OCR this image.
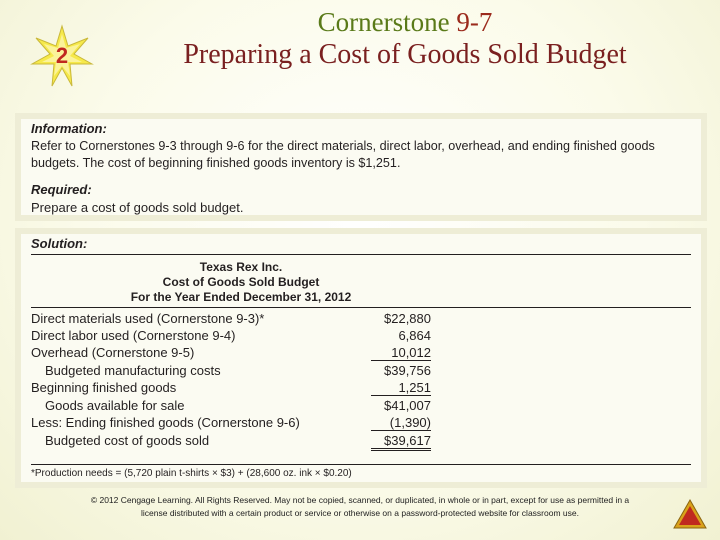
2
Cornerstone 9-7
Preparing a Cost of Goods Sold Budget
Information:
Refer to Cornerstones 9-3 through 9-6 for the direct materials, direct labor, overhead, and ending finished goods
budgets. The cost of beginning finished goods inventory is $1,251.
Required:
Prepare a cost of goods sold budget.
Solution:
Texas Rex Inc.
Cost of Goods Sold Budget
For the Year Ended December 31, 2012
Direct materials used (Cornerstone 9-3)*	$22,880
Direct labor used (Cornerstone 9-4)	6,864
Overhead (Cornerstone 9-5)	10,012
Budgeted manufacturing costs	$39,756
Beginning finished goods	1,251
Goods available for sale	$41,007
Less: Ending finished goods (Cornerstone 9-6)	(1,390)
Budgeted cost of goods sold	$39,617
*Production needs = (5,720 plain t-shirts × $3) + (28,600 oz. ink × $0.20)
© 2012 Cengage Learning. All Rights Reserved. May not be copied, scanned, or duplicated, in whole or in part, except for use as permitted in a
license distributed with a certain product or service or otherwise on a password-protected website for classroom use.
